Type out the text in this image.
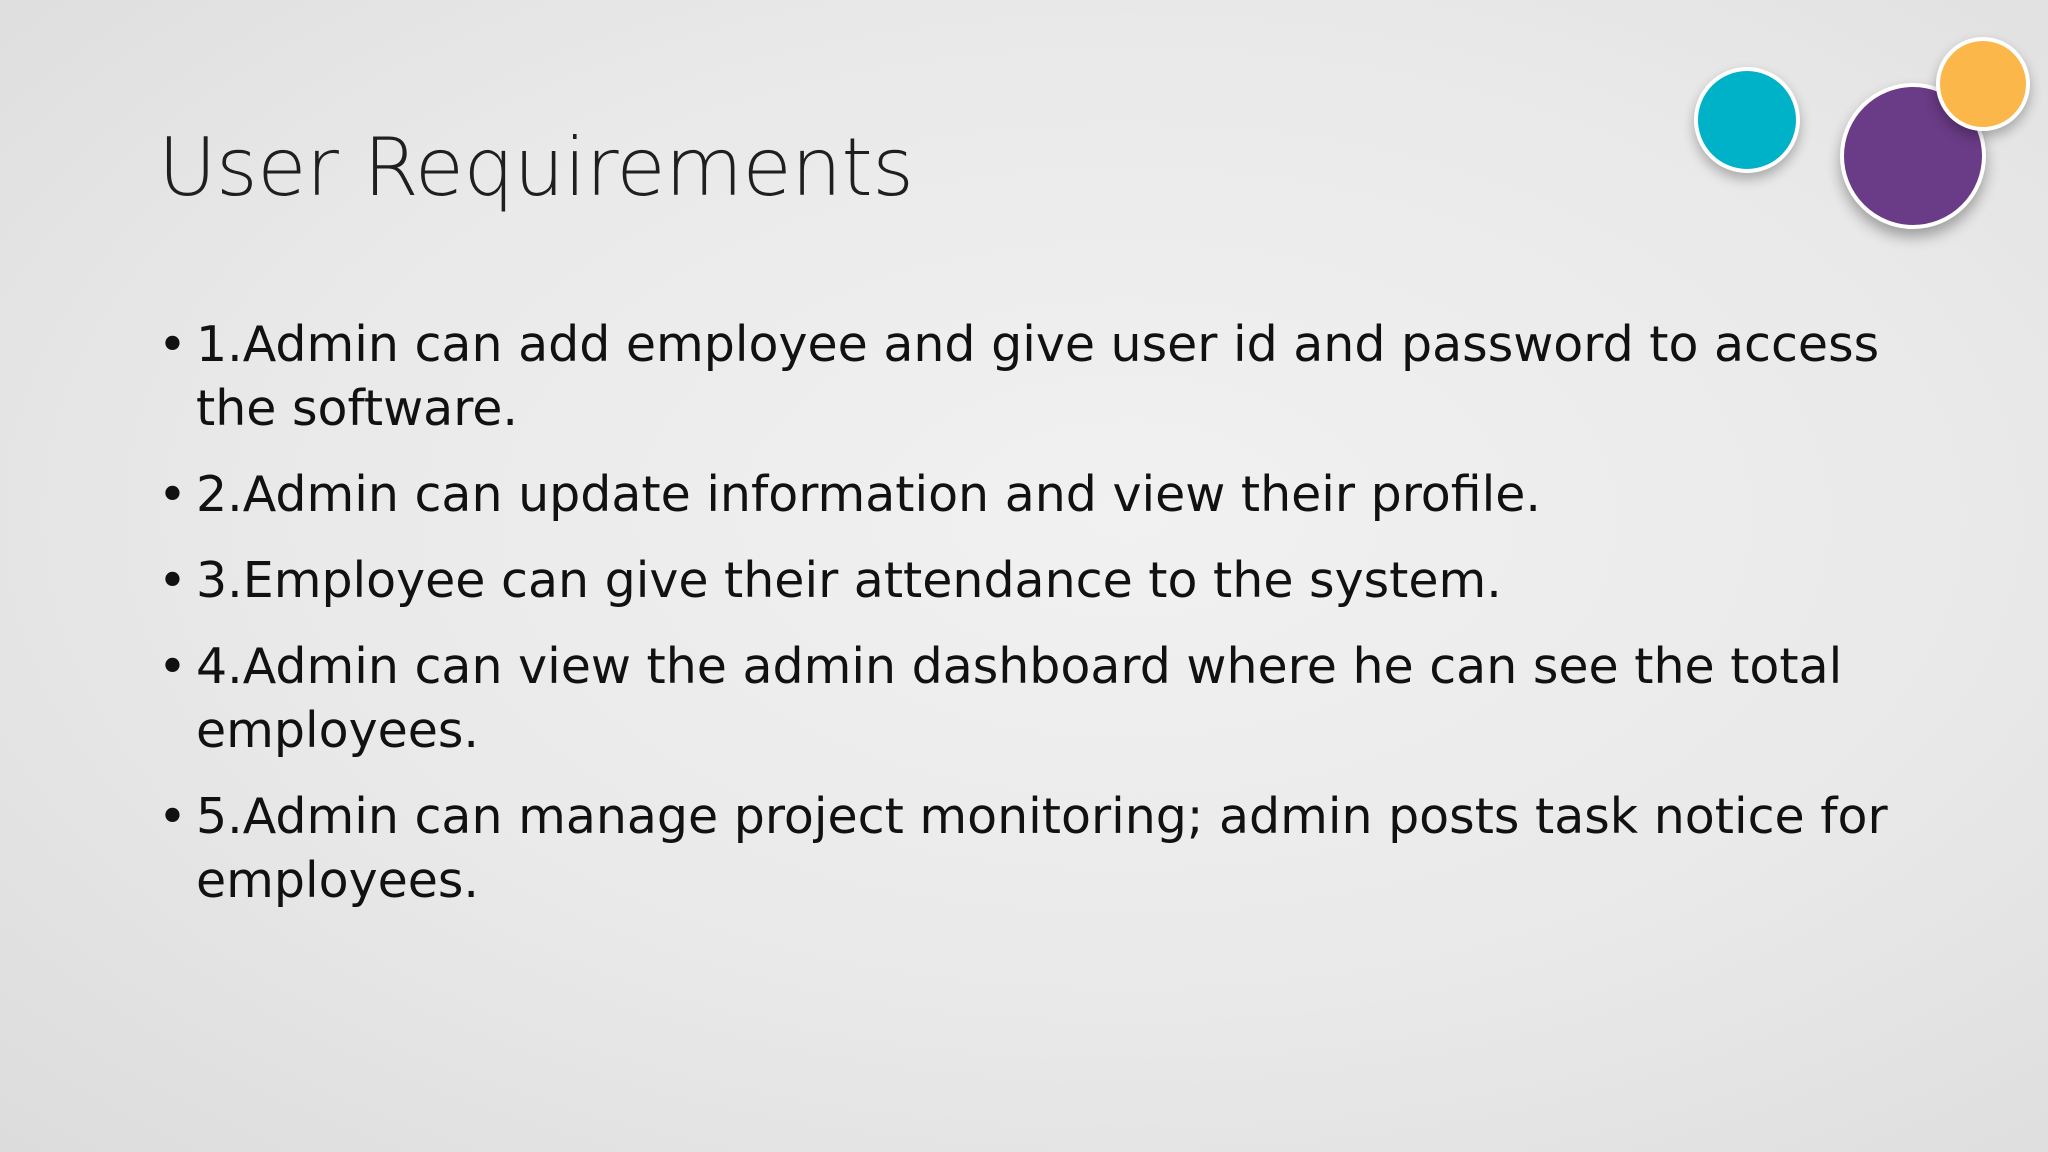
User Requirements
• 1.Admin can add employee and give user id and password to access the software.
• 2.Admin can update information and view their profile.
• 3.Employee can give their attendance to the system.
• 4.Admin can view the admin dashboard where he can see the total employees.
• 5.Admin can manage project monitoring; admin posts task notice for employees.
